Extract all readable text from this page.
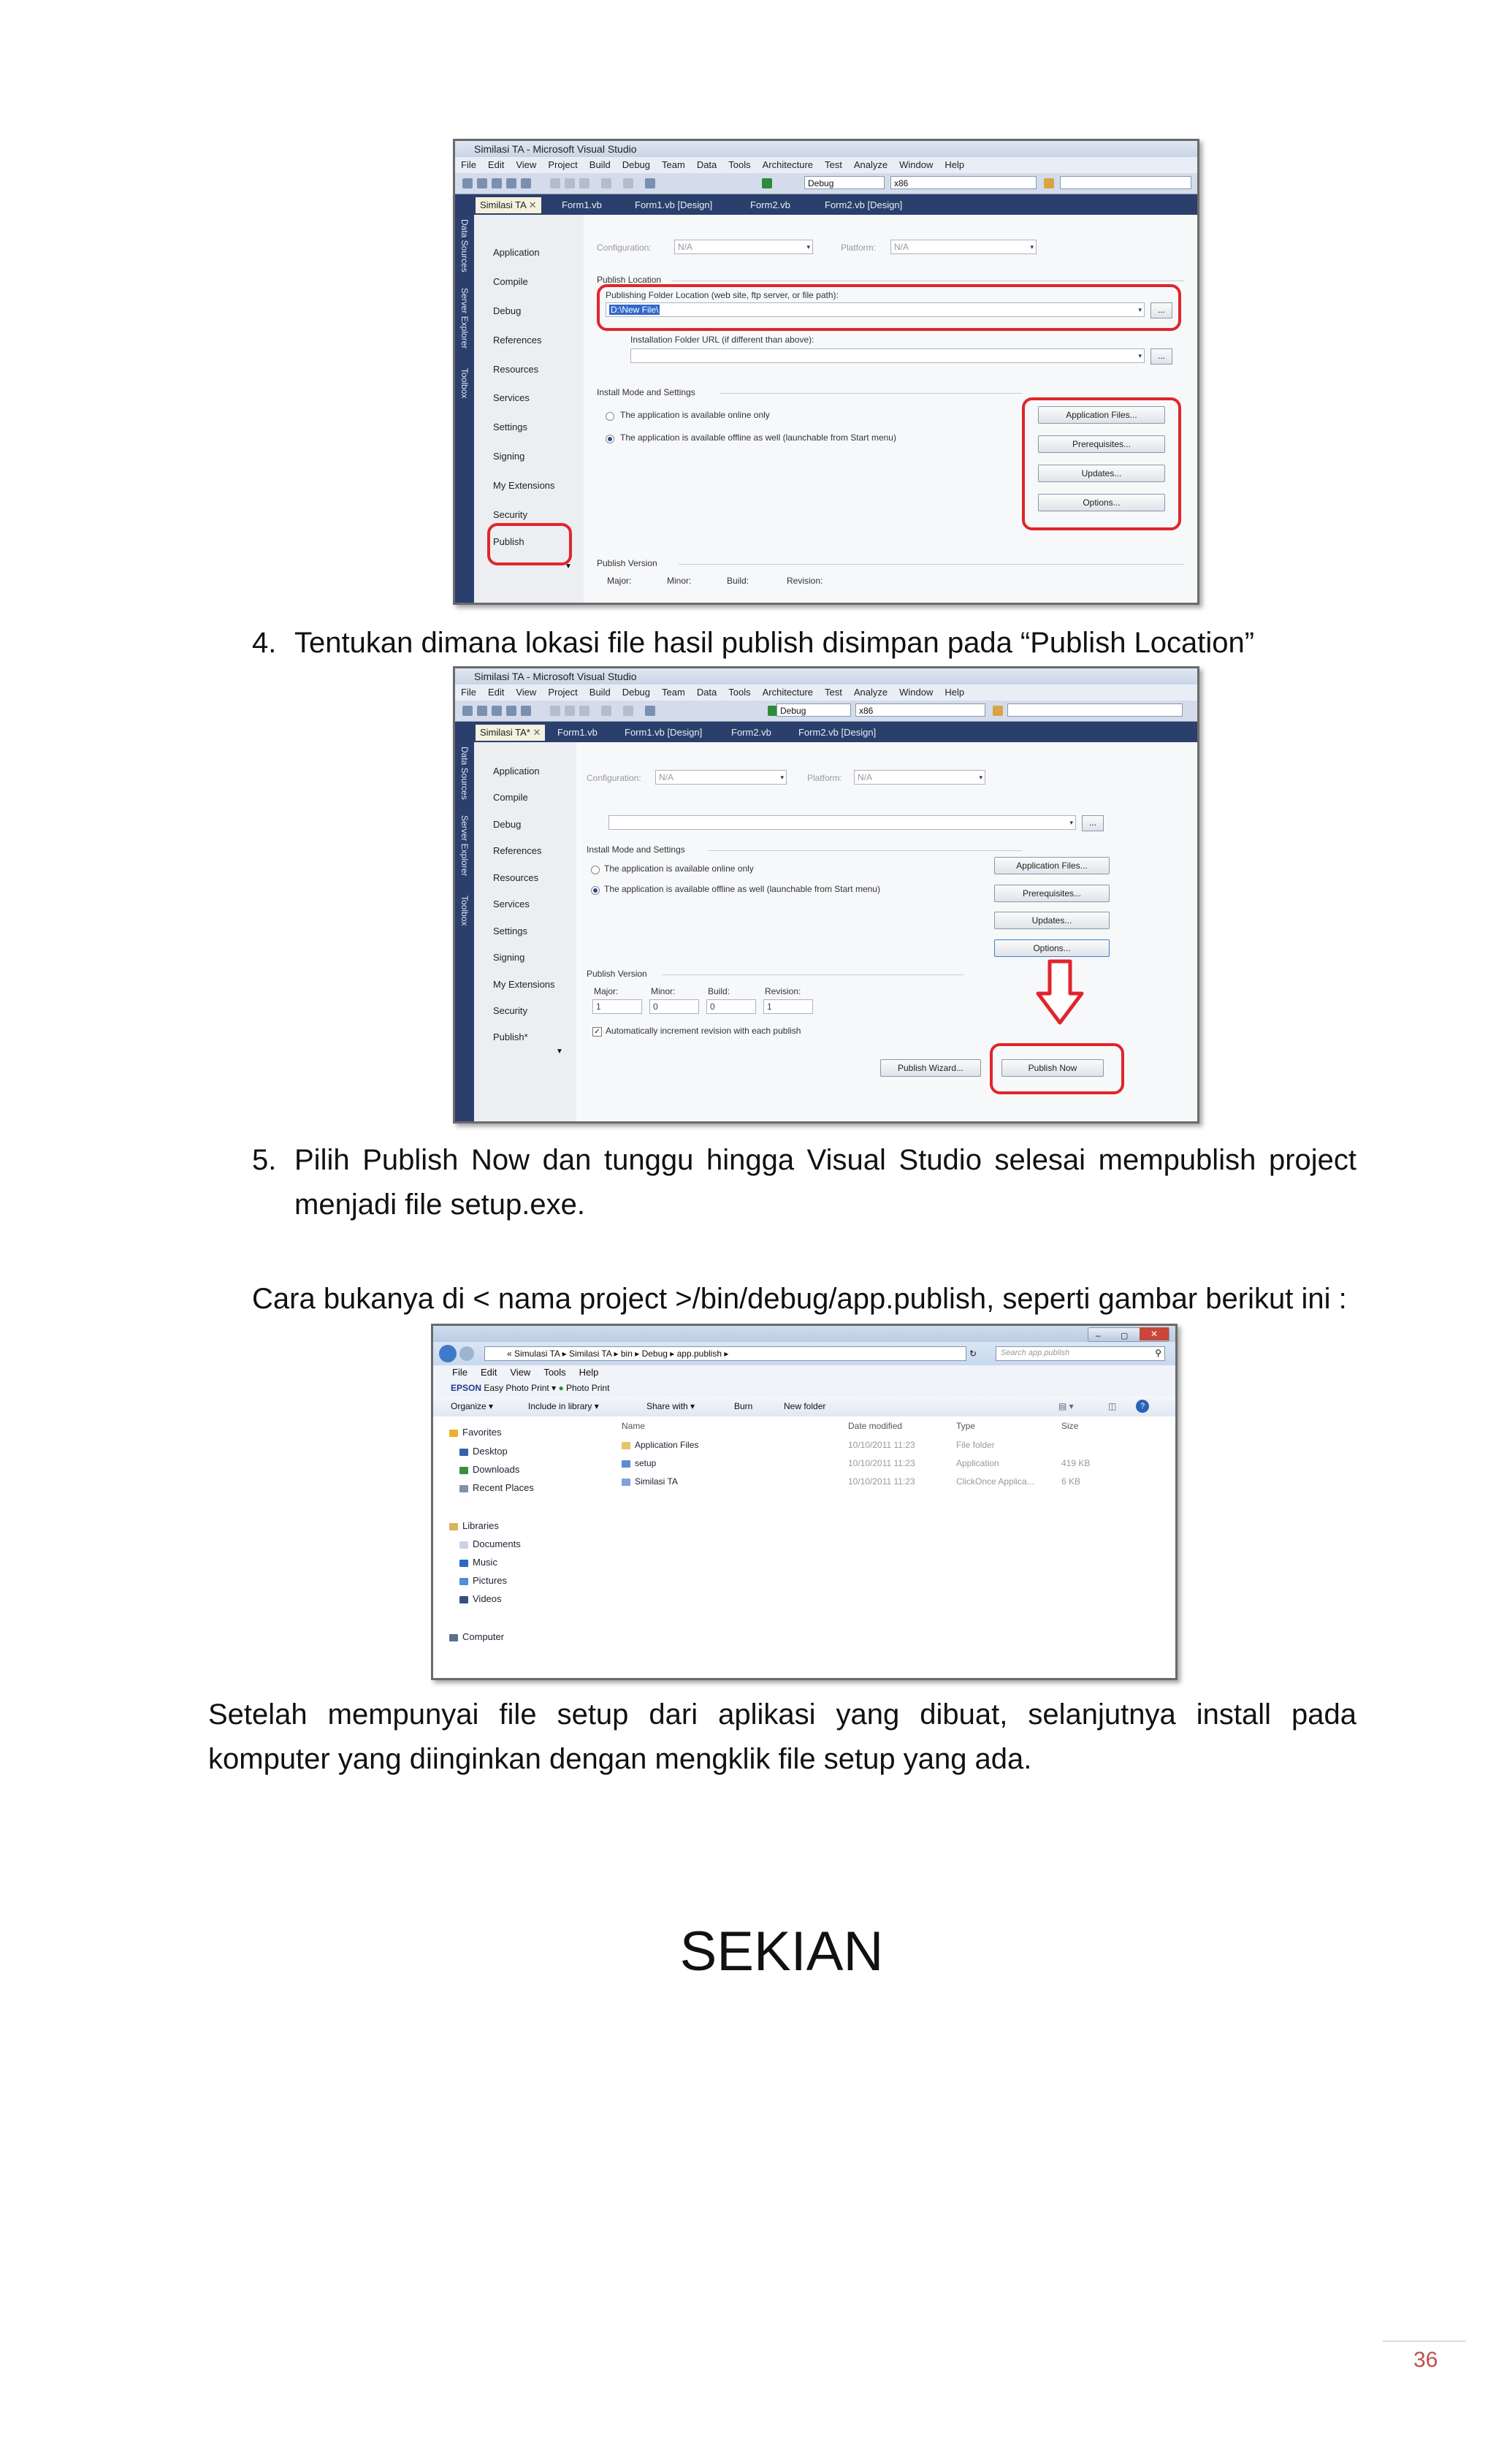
Similasi TA - Microsoft Visual Studio
File Edit View Project Build Debug Team Data Tools Architecture Test Analyze Window Help
Debug	x86
Similasi TA ✕	Form1.vb	Form1.vb [Design]	Form2.vb	Form2.vb [Design]
Data Sources
Server Explorer
Toolbox
Application
Compile
Debug
References
Resources
Services
Settings
Signing
My Extensions
Security
Publish
▼
Configuration:	N/A	▾	Platform:	N/A	▾
Publish Location
Publishing Folder Location (web site, ftp server, or file path):
D:\New File\	▾	...
Installation Folder URL (if different than above):
▾	...
Install Mode and Settings
The application is available online only
The application is available offline as well (launchable from Start menu)
Application Files...
Prerequisites...
Updates...
Options...
Publish Version
Major:	Minor:	Build:	Revision:
4. Tentukan dimana lokasi file hasil publish disimpan pada “Publish Location”
Similasi TA - Microsoft Visual Studio
File Edit View Project Build Debug Team Data Tools Architecture Test Analyze Window Help
Debug	x86
Similasi TA* ✕	Form1.vb	Form1.vb [Design]	Form2.vb	Form2.vb [Design]
Data Sources
Server Explorer
Toolbox
Application
Compile
Debug
References
Resources
Services
Settings
Signing
My Extensions
Security
Publish*
▼
Configuration:	N/A	▾	Platform:	N/A	▾
▾	...
Install Mode and Settings
The application is available online only
The application is available offline as well (launchable from Start menu)
Application Files...
Prerequisites...
Updates...
Options...
Publish Version
Major:	Minor:	Build:	Revision:
1	0	0	1
✓ Automatically increment revision with each publish
Publish Wizard...	Publish Now
5. Pilih Publish Now dan tunggu hingga Visual Studio selesai mempublish project
menjadi file setup.exe.
Cara bukanya di < nama project >/bin/debug/app.publish, seperti gambar berikut ini :
– ▢	✕
« Simulasi TA ▸ Similasi TA ▸ bin ▸ Debug ▸ app.publish ▸	↻	Search app.publish	⚲
File Edit View Tools Help
EPSON Easy Photo Print ▾ ● Photo Print
Organize ▾	Include in library ▾	Share with ▾	Burn	New folder	▤ ▾	◫	?
Favorites
Desktop
Downloads
Recent Places
Libraries
Documents
Music
Pictures
Videos
Computer
Name	Date modified	Type	Size
Application Files	10/10/2011 11:23	File folder
setup	10/10/2011 11:23	Application	419 KB
Similasi TA	10/10/2011 11:23	ClickOnce Applica...	6 KB
Setelah mempunyai file setup dari aplikasi yang dibuat, selanjutnya install pada
komputer yang diinginkan dengan mengklik file setup yang ada.
SEKIAN
36
